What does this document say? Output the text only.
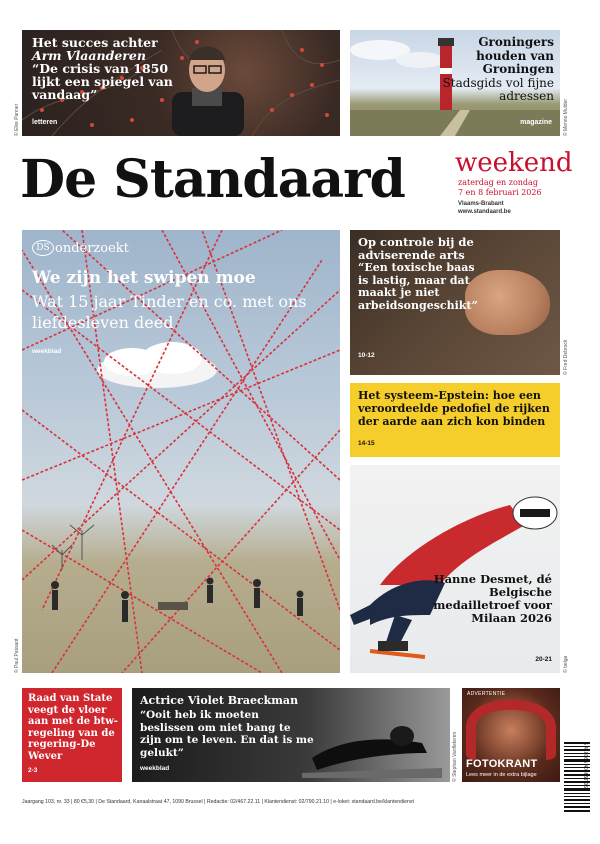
Het succes achter
Arm Vlaanderen
“De crisis van 1850 lijkt een spiegel van vandaag”
letteren
© Elke Panner
Groningers houden van Groningen
Stadsgids vol fijne adressen
magazine © Menno Mulder
De Standaard weekend
zaterdag en zondag
7 en 8 februari 2026
Vlaams-Brabant
www.standaard.be
DS onderzoekt
We zijn het swipen moe
Wat 15 jaar Tinder en co. met ons liefdesleven deed
weekblad
© Paul Passant
Op controle bij de adviserende arts
“Een toxische baas is lastig, maar dat maakt je niet arbeidsongeschikt”
10-12	© Fred Debrock
Het systeem-Epstein: hoe een veroordeelde pedofiel de rijken der aarde aan zich kon binden
14-15
Hanne Desmet, dé Belgische medailletroef voor Milaan 2026
20-21 © belga
Raad van State veegt de vloer aan met de btw-regeling van de regering-De Wever
2-3
Actrice Violet Braeckman
“Ooit heb ik moeten beslissen om niet bang te zijn om te leven. En dat is me gelukt”
weekblad	© Stephan Vanfleteren
ADVERTENTIE
FOTOKRANT
Lees meer in de extra bijlage	5 410365 403657 06
Jaargang 103, nr. 33 | 80 €5,30 | De Standaard, Kanaalstraat 47, 1090 Brussel | Redactie: 02/467.22.11 | Klantendienst: 02/790.21.10 | e-loket: standaard.be/klantendienst
